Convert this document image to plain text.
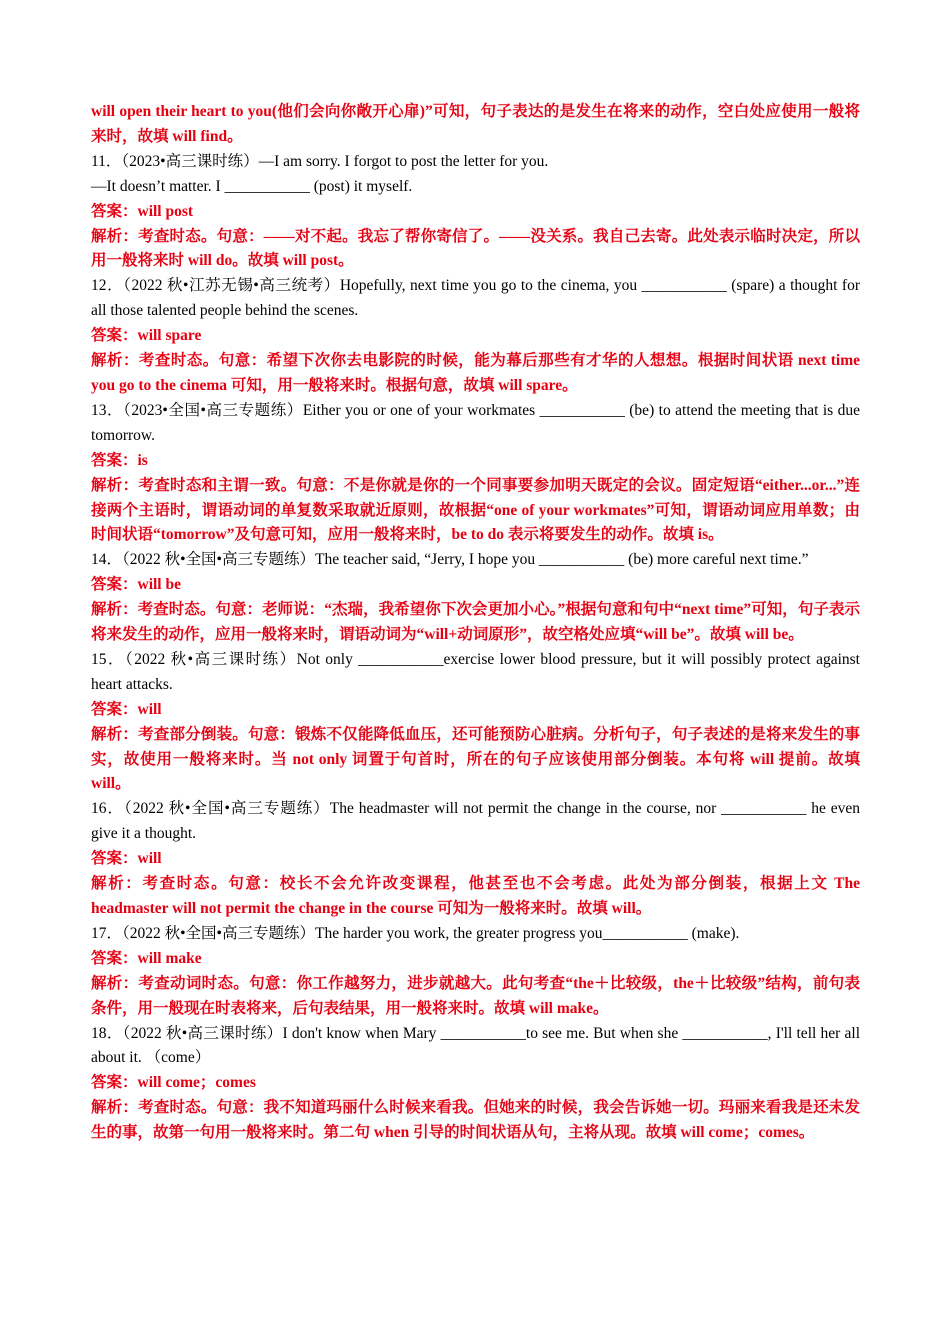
will open their heart to you(他们会向你敞开心扉)”可知，句子表达的是发生在将来的动作，空白处应使用一般将来时，故填 will find。

11．（2023•高三课时练）—I am sorry. I forgot to post the letter for you.

—It doesn’t matter. I ___________ (post) it myself.

答案：will post

解析：考查时态。句意：——对不起。我忘了帮你寄信了。——没关系。我自己去寄。此处表示临时决定，所以用一般将来时 will do。故填 will post。

12．（2022 秋•江苏无锡•高三统考）Hopefully, next time you go to the cinema, you ___________ (spare) a thought for all those talented people behind the scenes.

答案：will spare

解析：考查时态。句意：希望下次你去电影院的时候，能为幕后那些有才华的人想想。根据时间状语 next time you go to the cinema 可知，用一般将来时。根据句意，故填 will spare。

13．（2023•全国•高三专题练）Either you or one of your workmates ___________ (be) to attend the meeting that is due tomorrow.

答案：is

解析：考查时态和主谓一致。句意：不是你就是你的一个同事要参加明天既定的会议。固定短语“either...or...”连接两个主语时，谓语动词的单复数采取就近原则，故根据“one of your workmates”可知，谓语动词应用单数；由时间状语“tomorrow”及句意可知，应用一般将来时，be to do 表示将要发生的动作。故填 is。

14．（2022 秋•全国•高三专题练）The teacher said, “Jerry, I hope you ___________ (be) more careful next time.”

答案：will be

解析：考查时态。句意：老师说：“杰瑞，我希望你下次会更加小心。”根据句意和句中“next time”可知，句子表示将来发生的动作，应用一般将来时，谓语动词为“will+动词原形”，故空格处应填“will be”。故填 will be。

15．（2022 秋•高三课时练）Not only ___________exercise lower blood pressure, but it will possibly protect against heart attacks.

答案：will

解析：考查部分倒装。句意：锻炼不仅能降低血压，还可能预防心脏病。分析句子，句子表述的是将来发生的事实，故使用一般将来时。当 not only 词置于句首时，所在的句子应该使用部分倒装。本句将 will 提前。故填 will。

16．（2022 秋•全国•高三专题练）The headmaster will not permit the change in the course, nor ___________ he even give it a thought.

答案：will

解析：考查时态。句意：校长不会允许改变课程，他甚至也不会考虑。此处为部分倒装，根据上文 The headmaster will not permit the change in the course 可知为一般将来时。故填 will。

17．（2022 秋•全国•高三专题练）The harder you work, the greater progress you___________ (make).

答案：will make

解析：考查动词时态。句意：你工作越努力，进步就越大。此句考查“the＋比较级，the＋比较级”结构，前句表条件，用一般现在时表将来，后句表结果，用一般将来时。故填 will make。

18．（2022 秋•高三课时练）I don't know when Mary ___________to see me. But when she ___________, I'll tell her all about it. （come）

答案：will come；comes

解析：考查时态。句意：我不知道玛丽什么时候来看我。但她来的时候，我会告诉她一切。玛丽来看我是还未发生的事，故第一句用一般将来时。第二句 when 引导的时间状语从句，主将从现。故填 will come；comes。
